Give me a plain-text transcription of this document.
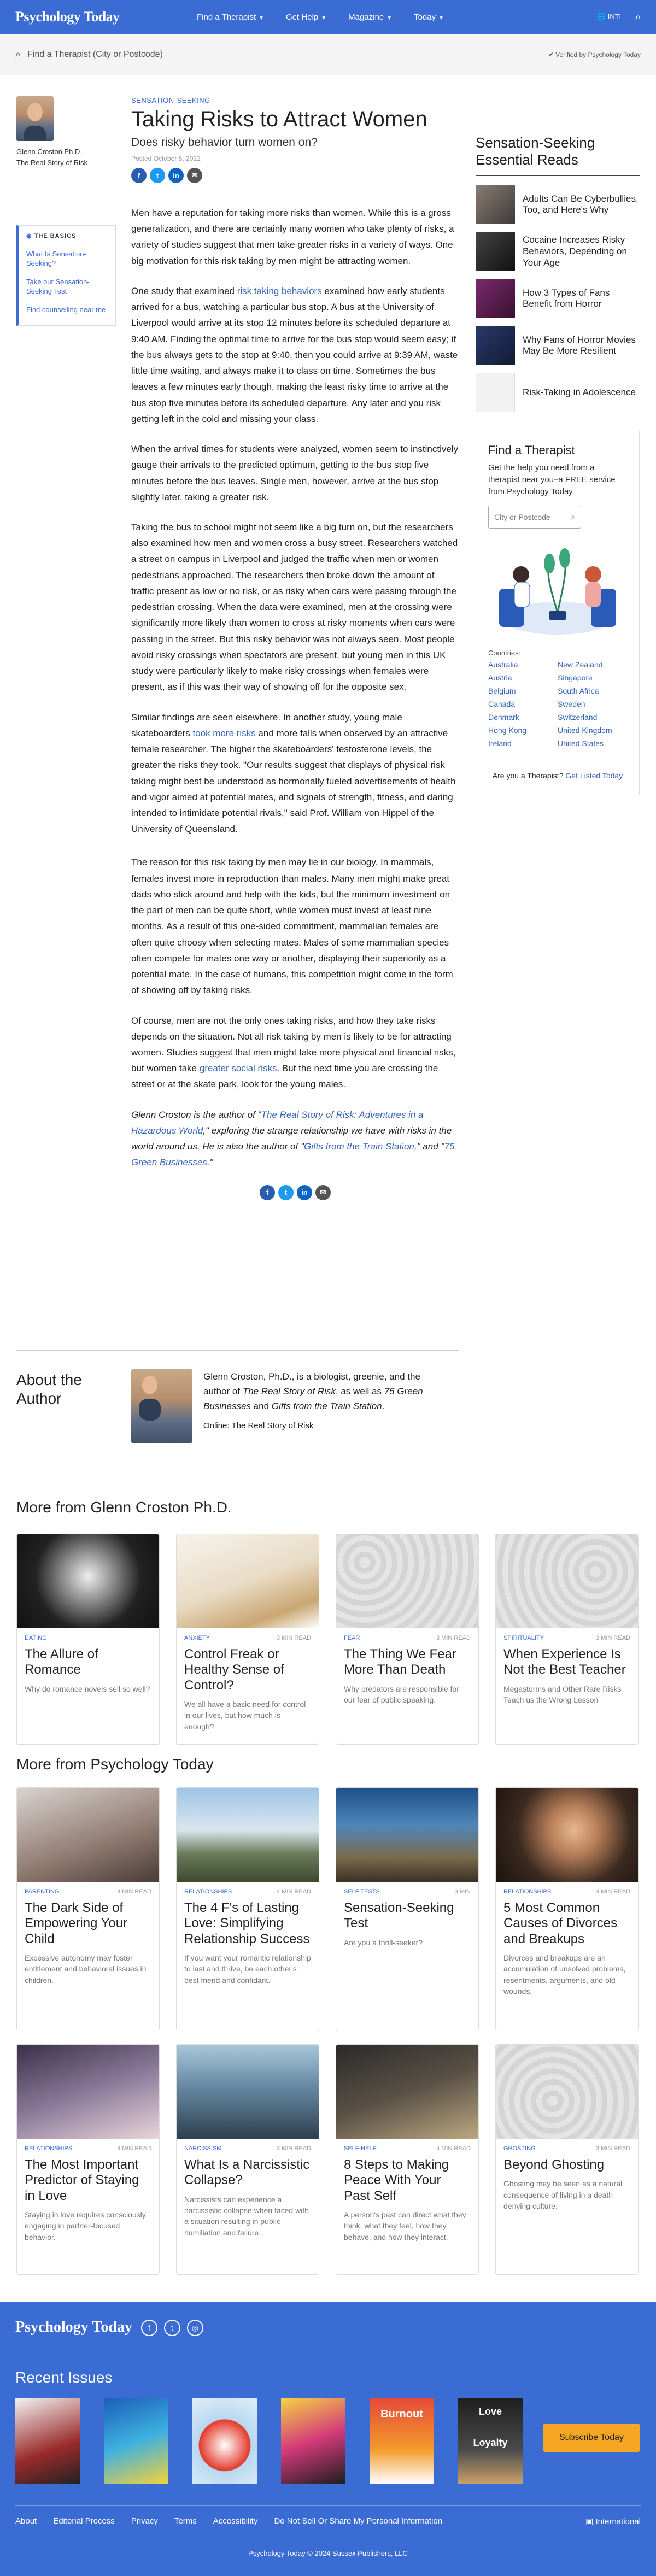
Psychology Today	Find a Therapist ▼	Get Help ▼	Magazine ▼	Today ▼	🌐 INTL ⌕
⌕ Find a Therapist (City or Postcode)	✔ Verified by Psychology Today
Glenn Croston Ph.D.
The Real Story of Risk
◉ THE BASICS
What Is Sensation-Seeking?
Take our Sensation-Seeking Test
Find counselling near me
SENSATION-SEEKING
Taking Risks to Attract Women
Does risky behavior turn women on?
Posted October 5, 2012
f	t	in	✉

Men have a reputation for taking more risks than women. While this is a gross generalization, and there are certainly many women who take plenty of risks, a variety of studies suggest that men take greater risks in a variety of ways. One big motivation for this risk taking by men might be attracting women.

One study that examined risk taking behaviors examined how early students arrived for a bus, watching a particular bus stop. A bus at the University of Liverpool would arrive at its stop 12 minutes before its scheduled departure at 9:40 AM. Finding the optimal time to arrive for the bus stop would seem easy; if the bus always gets to the stop at 9:40, then you could arrive at 9:39 AM, waste little time waiting, and always make it to class on time. Sometimes the bus leaves a few minutes early though, making the least risky time to arrive at the bus stop five minutes before its scheduled departure. Any later and you risk getting left in the cold and missing your class.

When the arrival times for students were analyzed, women seem to instinctively gauge their arrivals to the predicted optimum, getting to the bus stop five minutes before the bus leaves. Single men, however, arrive at the bus stop slightly later, taking a greater risk.

Taking the bus to school might not seem like a big turn on, but the researchers also examined how men and women cross a busy street. Researchers watched a street on campus in Liverpool and judged the traffic when men or women pedestrians approached. The researchers then broke down the amount of traffic present as low or no risk, or as risky when cars were passing through the pedestrian crossing. When the data were examined, men at the crossing were significantly more likely than women to cross at risky moments when cars were passing in the street. But this risky behavior was not always seen. Most people avoid risky crossings when spectators are present, but young men in this UK study were particularly likely to make risky crossings when females were present, as if this was their way of showing off for the opposite sex.

Similar findings are seen elsewhere. In another study, young male skateboarders took more risks and more falls when observed by an attractive female researcher. The higher the skateboarders' testosterone levels, the greater the risks they took. "Our results suggest that displays of physical risk taking might best be understood as hormonally fueled advertisements of health and vigor aimed at potential mates, and signals of strength, fitness, and daring intended to intimidate potential rivals," said Prof. William von Hippel of the University of Queensland.

The reason for this risk taking by men may lie in our biology. In mammals, females invest more in reproduction than males. Many men might make great dads who stick around and help with the kids, but the minimum investment on the part of men can be quite short, while women must invest at least nine months. As a result of this one-sided commitment, mammalian females are often quite choosy when selecting mates. Males of some mammalian species often compete for mates one way or another, displaying their superiority as a potential mate. In the case of humans, this competition might come in the form of showing off by taking risks.

Of course, men are not the only ones taking risks, and how they take risks depends on the situation. Not all risk taking by men is likely to be for attracting women. Studies suggest that men might take more physical and financial risks, but women take greater social risks. But the next time you are crossing the street or at the skate park, look for the young males.

Glenn Croston is the author of "The Real Story of Risk: Adventures in a Hazardous World," exploring the strange relationship we have with risks in the world around us. He is also the author of "Gifts from the Train Station," and "75 Green Businesses."

f	t	in	✉
Sensation-Seeking Essential Reads
Adults Can Be Cyberbullies, Too, and Here's Why
Cocaine Increases Risky Behaviors, Depending on Your Age
How 3 Types of Fans Benefit from Horror
Why Fans of Horror Movies May Be More Resilient
Risk-Taking in Adolescence
Find a Therapist

Get the help you need from a therapist near you–a FREE service from Psychology Today.

City or Postcode	⌕
Countries:
Australia	New Zealand
Austria	Singapore
Belgium	South Africa
Canada	Sweden
Denmark	Switzerland
Hong Kong	United Kingdom
Ireland	United States
Are you a Therapist? Get Listed Today
About the Author

Glenn Croston, Ph.D., is a biologist, greenie, and the author of The Real Story of Risk, as well as 75 Green Businesses and Gifts from the Train Station.

Online: The Real Story of Risk

More from Glenn Croston Ph.D.
DATING
The Allure of Romance
Why do romance novels sell so well?
ANXIETY	3 MIN READ
Control Freak or Healthy Sense of Control?
We all have a basic need for control in our lives, but how much is enough?
FEAR	3 MIN READ
The Thing We Fear More Than Death
Why predators are responsible for our fear of public speaking.
SPIRITUALITY	3 MIN READ
When Experience Is Not the Best Teacher
Megastorms and Other Rare Risks Teach us the Wrong Lesson
More from Psychology Today
PARENTING	4 MIN READ
The Dark Side of Empowering Your Child
Excessive autonomy may foster entitlement and behavioral issues in children.
RELATIONSHIPS	4 MIN READ
The 4 F's of Lasting Love: Simplifying Relationship Success
If you want your romantic relationship to last and thrive, be each other's best friend and confidant.
SELF TESTS	3 MIN
Sensation-Seeking Test
Are you a thrill-seeker?
RELATIONSHIPS	4 MIN READ
5 Most Common Causes of Divorces and Breakups
Divorces and breakups are an accumulation of unsolved problems, resentments, arguments, and old wounds.
RELATIONSHIPS	4 MIN READ
The Most Important Predictor of Staying in Love
Staying in love requires consciously engaging in partner-focused behavior.
NARCISSISM	3 MIN READ
What Is a Narcissistic Collapse?
Narcissists can experience a narcissistic collapse when faced with a situation resulting in public humiliation and failure.
SELF-HELP	4 MIN READ
8 Steps to Making Peace With Your Past Self
A person's past can direct what they think, what they feel, how they behave, and how they interact.
GHOSTING	3 MIN READ
Beyond Ghosting
Ghosting may be seen as a natural consequence of living in a death-denying culture.
Psychology Today	f	t	◎
Recent Issues
Burnout	Love
Loyalty	Subscribe Today
About Editorial Process Privacy Terms Accessibility Do Not Sell Or Share My Personal Information	▣ International
Psychology Today © 2024 Sussex Publishers, LLC
